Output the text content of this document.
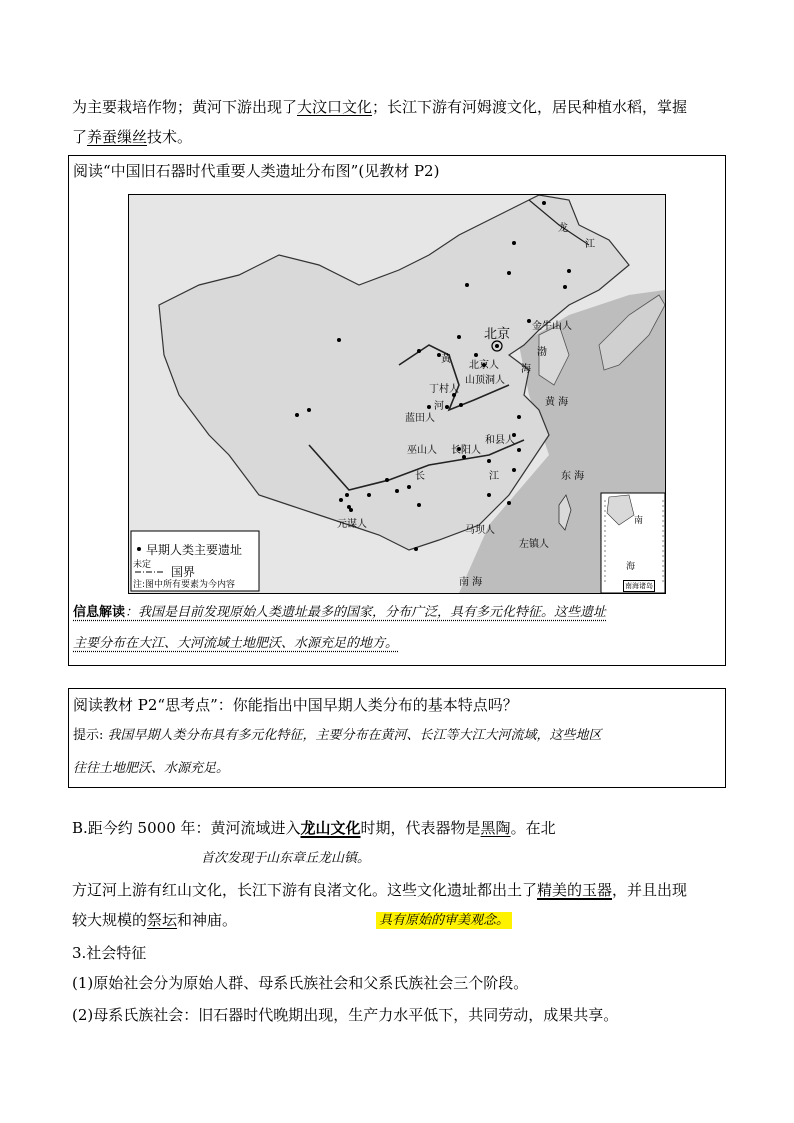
为主要栽培作物；黄河下游出现了大汶口文化；长江下游有河姆渡文化，居民种植水稻，掌握
了养蚕缫丝技术。
阅读“中国旧石器时代重要人类遗址分布图”(见教材 P2)
北京
金牛山人
北京人
山顶洞人
渤
海
黄
丁村人
河
蓝田人
黄 海
和县人
巫山人 长阳人
长	江	东 海
元谋人
马坝人
左镇人
南 海
龙
江
南
海
南海诸岛
早期人类主要遗址
未定 国界
注:图中所有要素为今内容
信息解读：我国是目前发现原始人类遗址最多的国家，分布广泛，具有多元化特征。这些遗址
主要分布在大江、大河流域土地肥沃、水源充足的地方。
阅读教材 P2“思考点”：你能指出中国早期人类分布的基本特点吗？
提示: 我国早期人类分布具有多元化特征，主要分布在黄河、长江等大江大河流域，这些地区
往往土地肥沃、水源充足。
B.距今约 5000 年：黄河流域进入龙山文化时期，代表器物是黑陶。在北
首次发现于山东章丘龙山镇。
方辽河上游有红山文化，长江下游有良渚文化。这些文化遗址都出土了精美的玉器，并且出现
较大规模的祭坛和神庙。	具有原始的审美观念。
3.社会特征
(1)原始社会分为原始人群、母系氏族社会和父系氏族社会三个阶段。
(2)母系氏族社会：旧石器时代晚期出现，生产力水平低下，共同劳动，成果共享。
